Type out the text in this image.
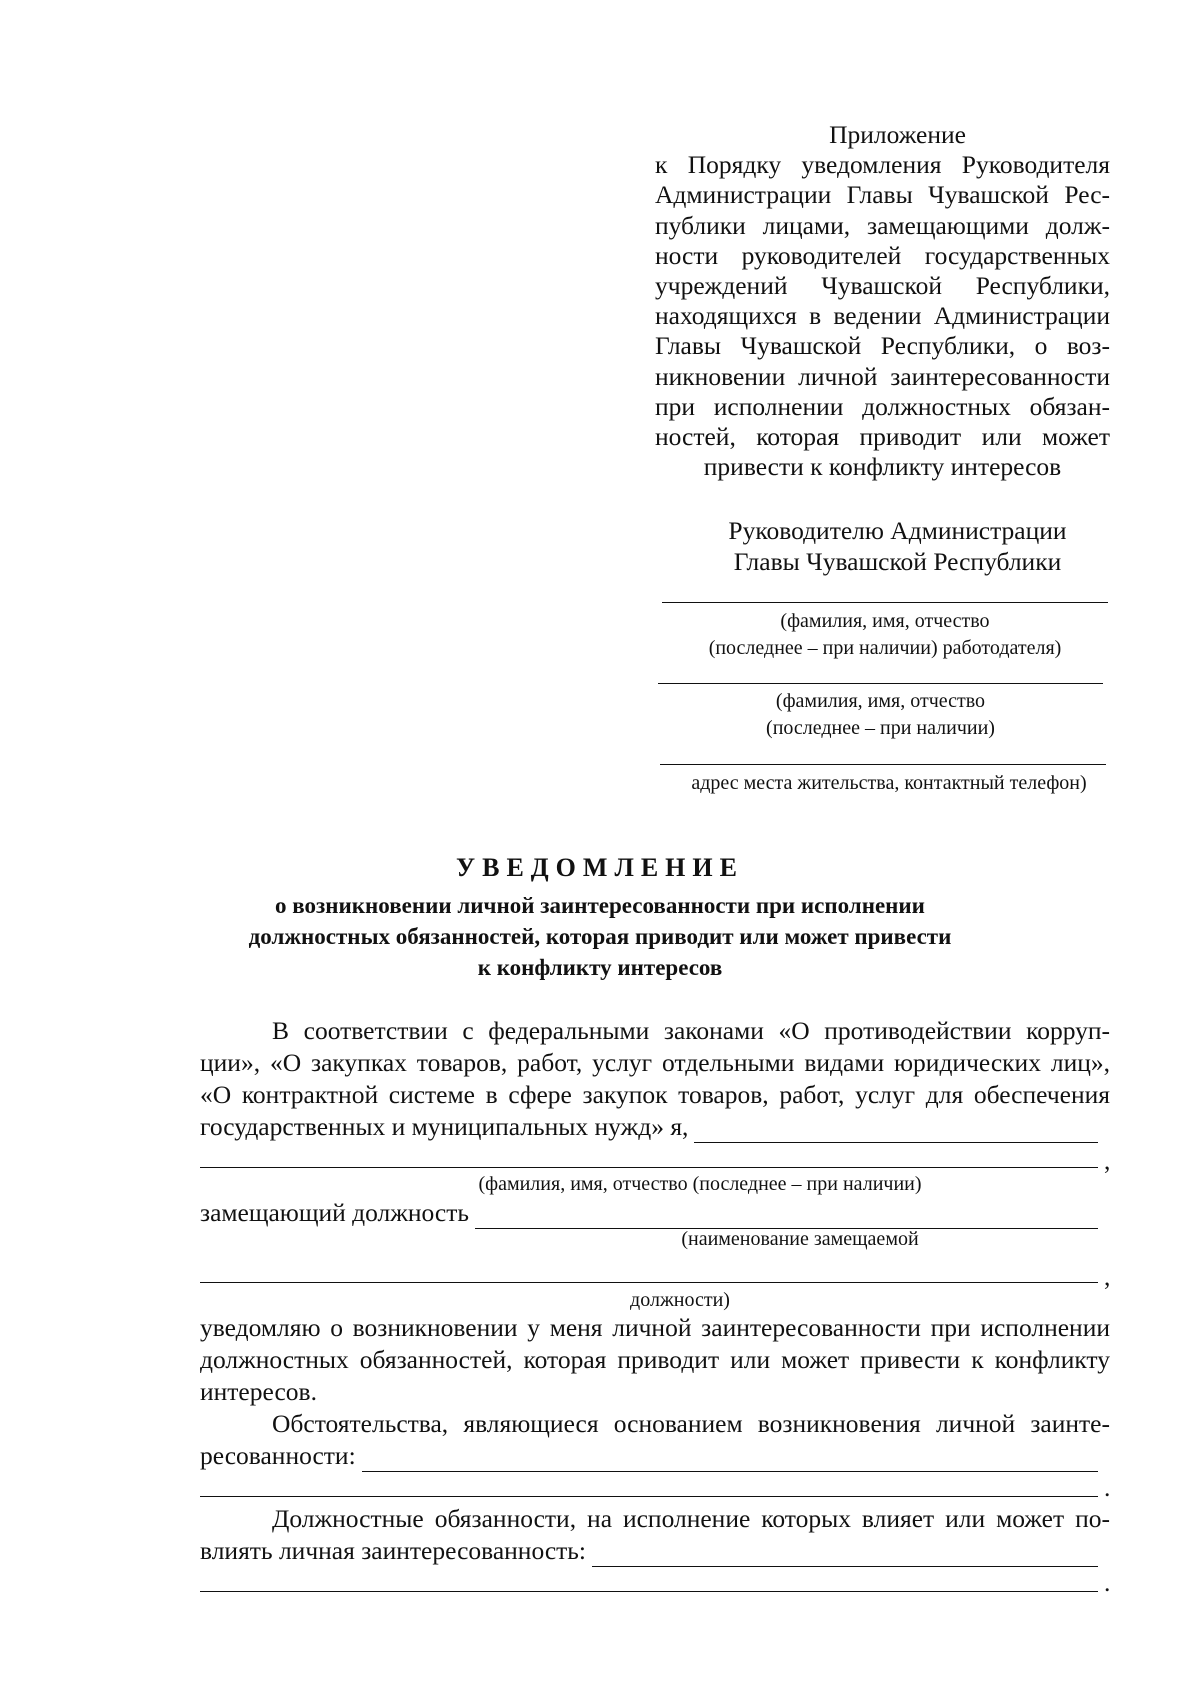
Приложение
к Порядку уведомления Руководителя
Администрации Главы Чувашской Рес-
публики лицами, замещающими долж-
ности руководителей государственных
учреждений Чувашской Республики,
находящихся в ведении Администрации
Главы Чувашской Республики, о воз-
никновении личной заинтересованности
при исполнении должностных обязан-
ностей, которая приводит или может
привести к конфликту интересов
Руководителю Администрации
Главы Чувашской Республики
(фамилия, имя, отчество
(последнее – при наличии) работодателя)
(фамилия, имя, отчество
(последнее – при наличии)
адрес места жительства, контактный телефон)
УВЕДОМЛЕНИЕ
о возникновении личной заинтересованности при исполнении
должностных обязанностей, которая приводит или может привести
к конфликту интересов
В соответствии с федеральными законами «О противодействии корруп-
ции», «О закупках товаров, работ, услуг отдельными видами юридических лиц»,
«О контрактной системе в сфере закупок товаров, работ, услуг для обеспечения
государственных и муниципальных нужд» я,
,
(фамилия, имя, отчество (последнее – при наличии)
замещающий должность
(наименование замещаемой
,
должности)
уведомляю о возникновении у меня личной заинтересованности при исполнении
должностных обязанностей, которая приводит или может привести к конфликту
интересов.
Обстоятельства, являющиеся основанием возникновения личной заинте-
ресованности:
.
Должностные обязанности, на исполнение которых влияет или может по-
влиять личная заинтересованность:
.
